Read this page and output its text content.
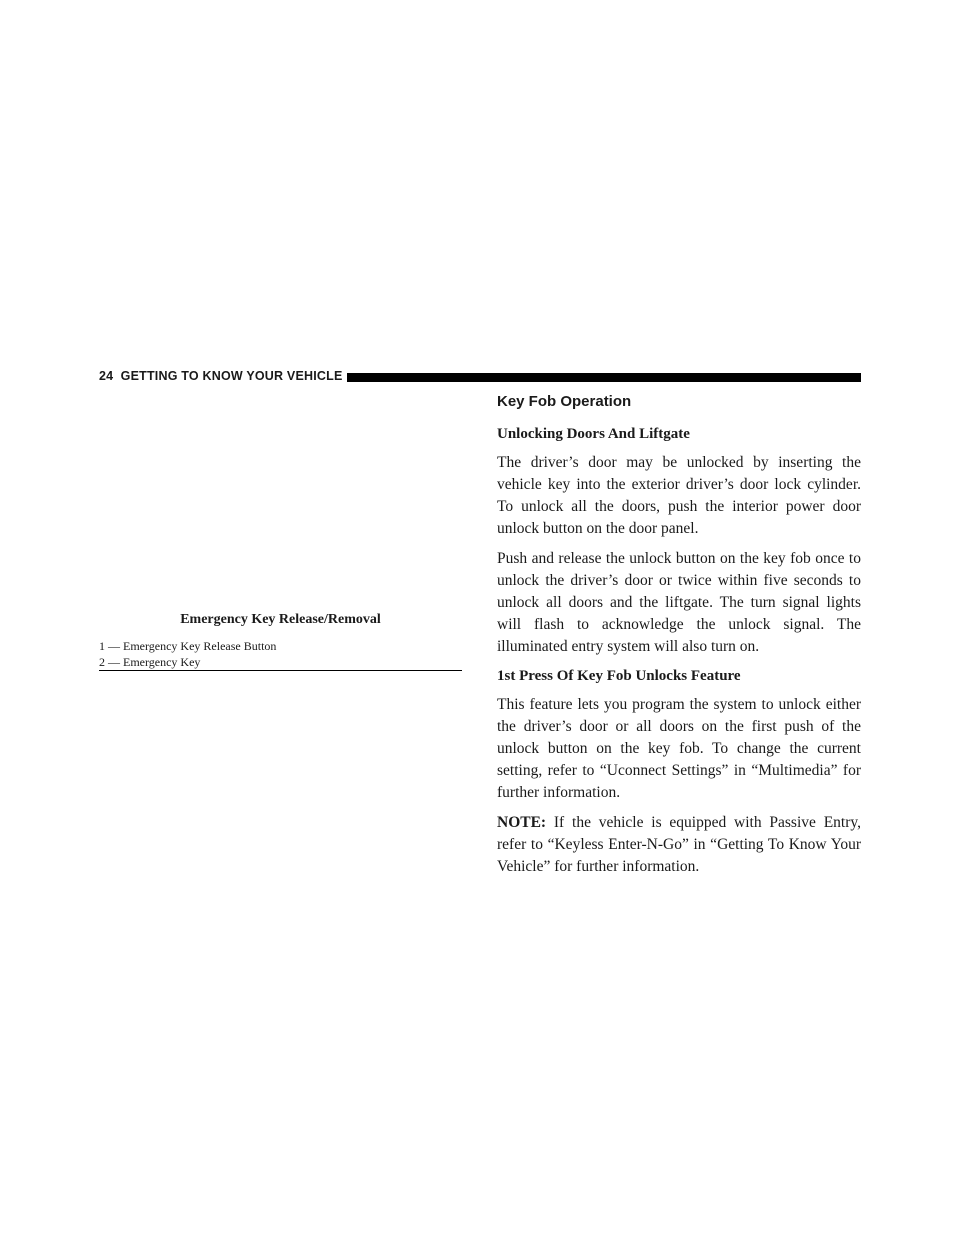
24 GETTING TO KNOW YOUR VEHICLE
Emergency Key Release/Removal
1 — Emergency Key Release Button
2 — Emergency Key
Key Fob Operation
Unlocking Doors And Liftgate

The driver’s door may be unlocked by inserting the vehicle key into the exterior driver’s door lock cylinder. To unlock all the doors, push the interior power door unlock button on the door panel.

Push and release the unlock button on the key fob once to unlock the driver’s door or twice within five seconds to unlock all doors and the liftgate. The turn signal lights will flash to acknowledge the unlock signal. The illuminated entry system will also turn on.

1st Press Of Key Fob Unlocks Feature

This feature lets you program the system to unlock either the driver’s door or all doors on the first push of the unlock button on the key fob. To change the current setting, refer to “Uconnect Settings” in “Multimedia” for further information.

NOTE: If the vehicle is equipped with Passive Entry, refer to “Keyless Enter-N-Go” in “Getting To Know Your Vehicle” for further information.
